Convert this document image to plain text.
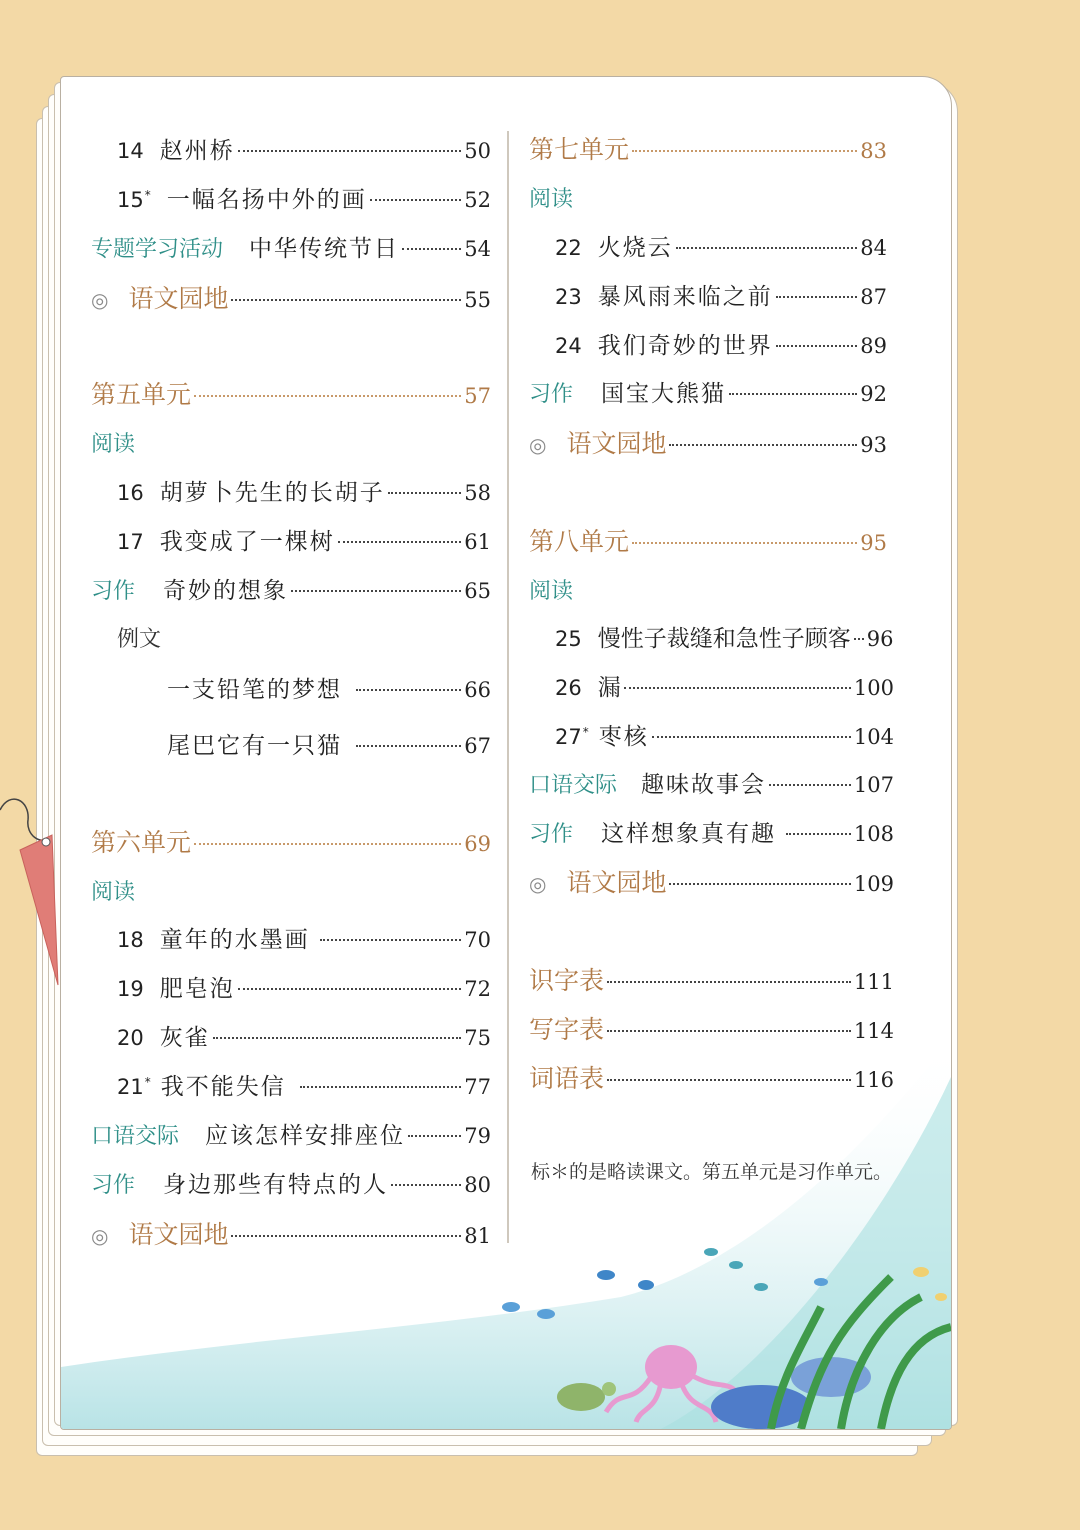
14 赵州桥	50
15* 一幅名扬中外的画	52
专题学习活动 中华传统节日	54
◎ 语文园地	55
第五单元	57
阅读
16 胡萝卜先生的长胡子	58
17 我变成了一棵树	61
习作 奇妙的想象	65
例文
一支铅笔的梦想	66
尾巴它有一只猫	67
第六单元	69
阅读
18 童年的水墨画	70
19 肥皂泡	72
20 灰雀	75
21* 我不能失信	77
口语交际 应该怎样安排座位	79
习作 身边那些有特点的人	80
◎ 语文园地	81
第七单元	83
阅读
22 火烧云	84
23 暴风雨来临之前	87
24 我们奇妙的世界	89
习作 国宝大熊猫	92
◎ 语文园地	93
第八单元	95
阅读
25 慢性子裁缝和急性子顾客 96
26 漏	100
27* 枣核	104
口语交际 趣味故事会	107
习作 这样想象真有趣	108
◎ 语文园地	109
识字表	111
写字表	114
词语表	116
标＊的是略读课文。第五单元是习作单元。
